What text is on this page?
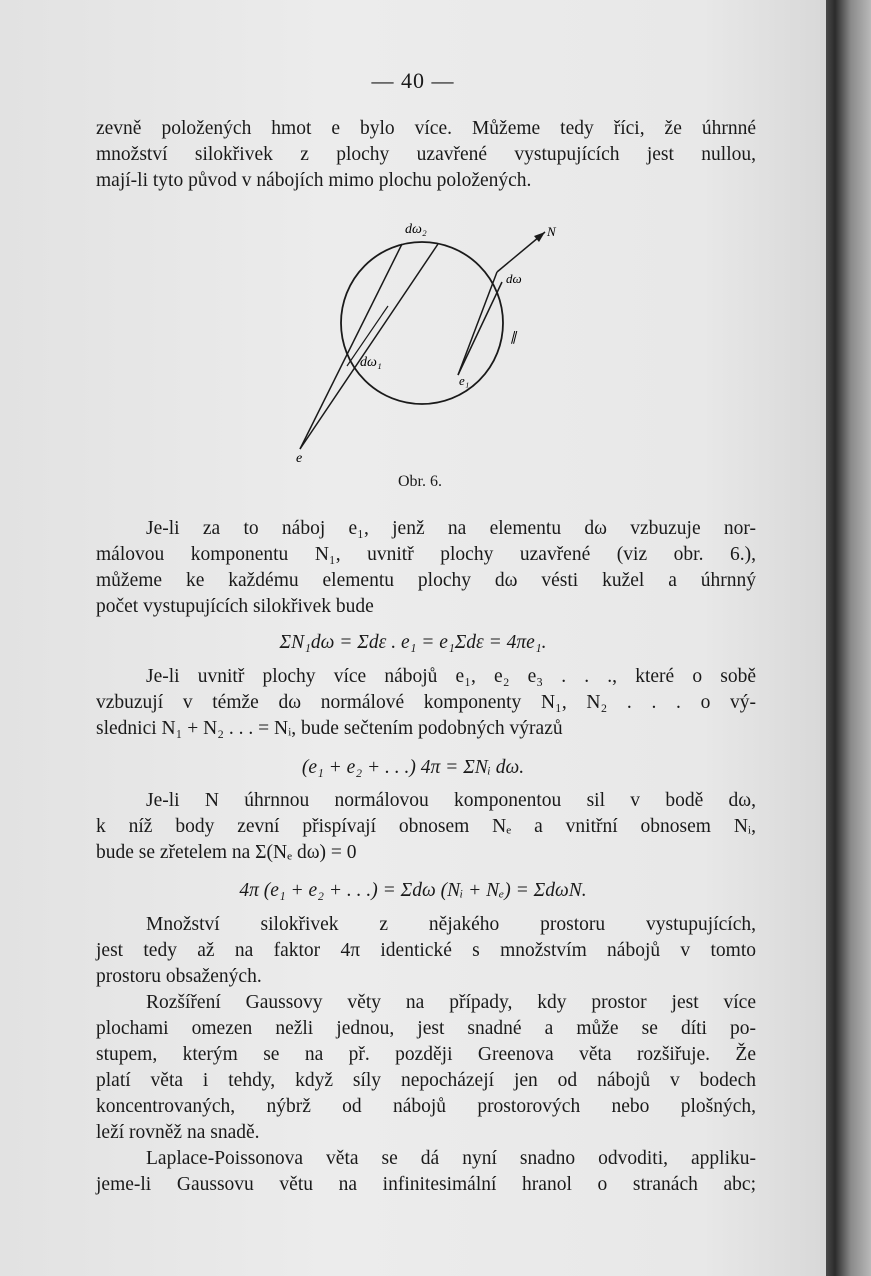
— 40 —
zevně položených hmot e bylo více. Můžeme tedy říci, že úhrnné
množství silokřivek z plochy uzavřené vystupujících jest nullou,
mají-li tyto původ v nábojích mimo plochu položených.
dω₂	N
dω
∥
dω₁
e₁
e
Obr. 6.
Je-li za to náboj e₁, jenž na elementu dω vzbuzuje nor-
málovou komponentu N₁, uvnitř plochy uzavřené (viz obr. 6.),
můžeme ke každému elementu plochy dω vésti kužel a úhrnný
počet vystupujících silokřivek bude
ΣN₁dω = Σdε . e₁ = e₁Σdε = 4πe₁.
Je-li uvnitř plochy více nábojů e₁, e₂ e₃ . . ., které o sobě
vzbuzují v témže dω normálové komponenty N₁, N₂ . . . o vý-
slednici N₁ + N₂ . . . = Nᵢ, bude sečtením podobných výrazů
(e₁ + e₂ + . . .) 4π = ΣNᵢ dω.
Je-li N úhrnnou normálovou komponentou sil v bodě dω,
k níž body zevní přispívají obnosem Nₑ a vnitřní obnosem Nᵢ,
bude se zřetelem na Σ(Nₑ dω) = 0
4π (e₁ + e₂ + . . .) = Σdω (Nᵢ + Nₑ) = ΣdωN.
Množství silokřivek z nějakého prostoru vystupujících,
jest tedy až na faktor 4π identické s množstvím nábojů v tomto
prostoru obsažených.
Rozšíření Gaussovy věty na případy, kdy prostor jest více
plochami omezen nežli jednou, jest snadné a může se díti po-
stupem, kterým se na př. později Greenova věta rozšiřuje. Že
platí věta i tehdy, když síly nepocházejí jen od nábojů v bodech
koncentrovaných, nýbrž od nábojů prostorových nebo plošných,
leží rovněž na snadě.
Laplace-Poissonova věta se dá nyní snadno odvoditi, appliku-
jeme-li Gaussovu větu na infinitesimální hranol o stranách abc;
